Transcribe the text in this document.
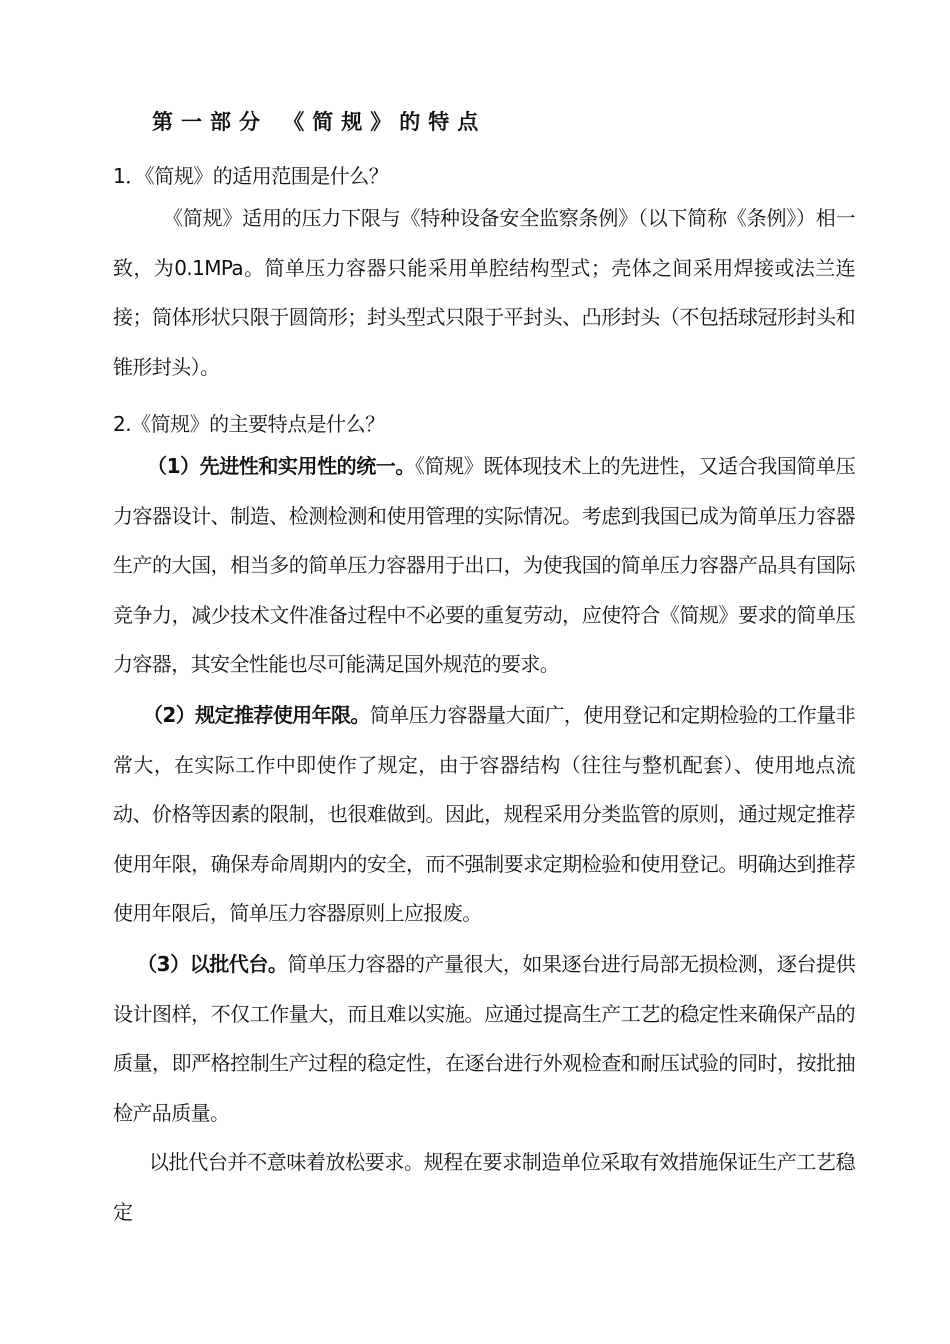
第一部分 《简规》的特点
1．《简规》的适用范围是什么？

《简规》适用的压力下限与《特种设备安全监察条例》（以下简称《条例》）相一致，为0.1MPa。简单压力容器只能采用单腔结构型式；壳体之间采用焊接或法兰连接；筒体形状只限于圆筒形；封头型式只限于平封头、凸形封头（不包括球冠形封头和锥形封头）。

2.《简规》的主要特点是什么？

（1）先进性和实用性的统一。《简规》既体现技术上的先进性，又适合我国简单压力容器设计、制造、检测检测和使用管理的实际情况。考虑到我国已成为简单压力容器生产的大国，相当多的简单压力容器用于出口，为使我国的简单压力容器产品具有国际竞争力，减少技术文件准备过程中不必要的重复劳动，应使符合《简规》要求的简单压力容器，其安全性能也尽可能满足国外规范的要求。

（2）规定推荐使用年限。简单压力容器量大面广，使用登记和定期检验的工作量非常大，在实际工作中即使作了规定，由于容器结构（往往与整机配套）、使用地点流动、价格等因素的限制，也很难做到。因此，规程采用分类监管的原则，通过规定推荐使用年限，确保寿命周期内的安全，而不强制要求定期检验和使用登记。明确达到推荐使用年限后，简单压力容器原则上应报废。

（3）以批代台。简单压力容器的产量很大，如果逐台进行局部无损检测，逐台提供设计图样，不仅工作量大，而且难以实施。应通过提高生产工艺的稳定性来确保产品的质量，即严格控制生产过程的稳定性，在逐台进行外观检查和耐压试验的同时，按批抽检产品质量。

以批代台并不意味着放松要求。规程在要求制造单位采取有效措施保证生产工艺稳定
